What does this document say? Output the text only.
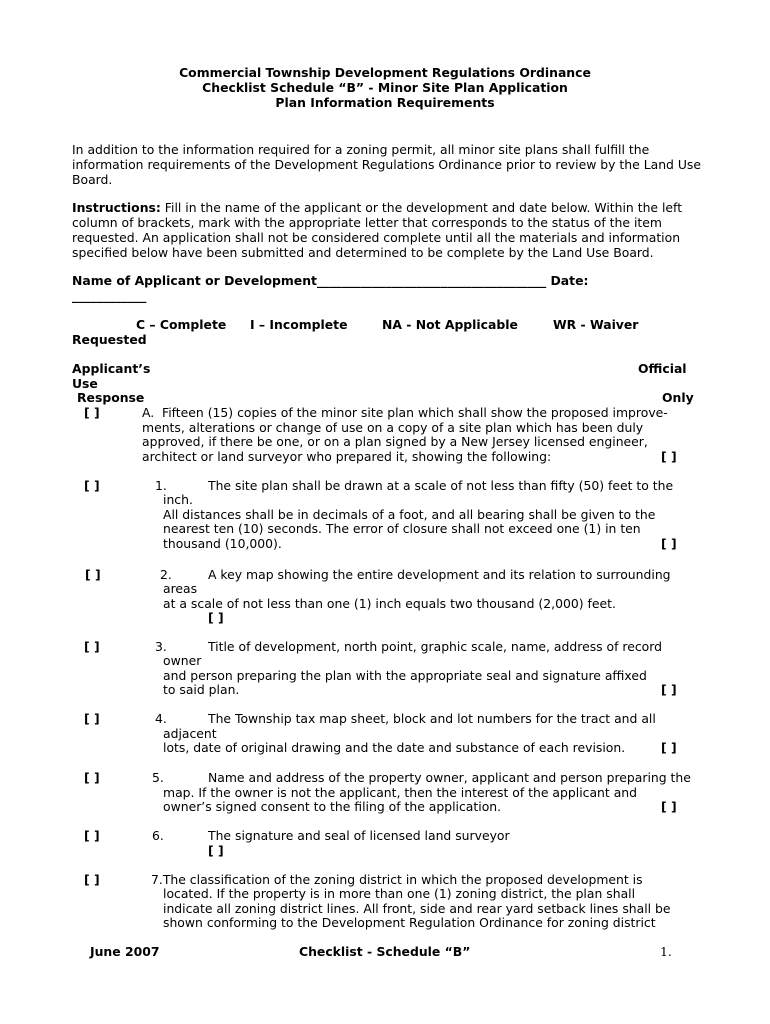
Commercial Township Development Regulations Ordinance
Checklist Schedule “B” - Minor Site Plan Application
Plan Information Requirements
In addition to the information required for a zoning permit, all minor site plans shall fulfill the information requirements of the Development Regulations Ordinance prior to review by the Land Use Board.
Instructions: Fill in the name of the applicant or the development and date below. Within the left column of brackets, mark with the appropriate letter that corresponds to the status of the item requested. An application shall not be considered complete until all the materials and information specified below have been submitted and determined to be complete by the Land Use Board.
Name of Applicant or Development_____________________________________ Date:
____________
C – Complete I – Incomplete	NA - Not Applicable	WR - Waiver
Requested
Applicant’s
Use
Response
Official
Only
[ ]	A. Fifteen (15) copies of the minor site plan which shall show the proposed improve-
ments, alterations or change of use on a copy of a site plan which has been duly
approved, if there be one, or on a plan signed by a New Jersey licensed engineer,
architect or land surveyor who prepared it, showing the following:	[ ]
[ ]	1.	The site plan shall be drawn at a scale of not less than fifty (50) feet to the
inch.
All distances shall be in decimals of a foot, and all bearing shall be given to the
nearest ten (10) seconds. The error of closure shall not exceed one (1) in ten
thousand (10,000).	[ ]
[ ]	2.	A key map showing the entire development and its relation to surrounding
areas
at a scale of not less than one (1) inch equals two thousand (2,000) feet.
[ ]
[ ]	3.	Title of development, north point, graphic scale, name, address of record
owner
and person preparing the plan with the appropriate seal and signature affixed
to said plan.	[ ]
[ ]	4.	The Township tax map sheet, block and lot numbers for the tract and all
adjacent
lots, date of original drawing and the date and substance of each revision.	[ ]
[ ]	5.	Name and address of the property owner, applicant and person preparing the
map. If the owner is not the applicant, then the interest of the applicant and
owner’s signed consent to the filing of the application.	[ ]
[ ]	6.	The signature and seal of licensed land surveyor
[ ]
[ ]	7.The classification of the zoning district in which the proposed development is
located. If the property is in more than one (1) zoning district, the plan shall
indicate all zoning district lines. All front, side and rear yard setback lines shall be
shown conforming to the Development Regulation Ordinance for zoning district
June 2007	Checklist - Schedule “B”	1.
